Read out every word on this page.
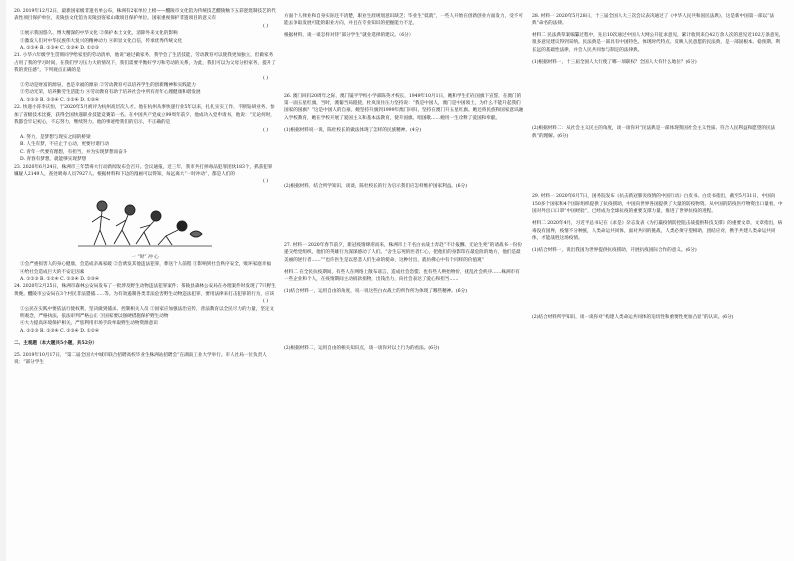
20. 2019年12月2日，最新国家级非遗名单公布，株洲有2家单位上榜——醴陵市文化馆为传统技艺醴陵釉下五彩瓷烧制技艺的代表性项目保护单位，炎陵县文化馆为炎陵县客家山歌项目保护单位。国家重视保护非遗项目的意义有

( )

①展示我国悠久、博大精深的中华文化 ②保护本土文化，消除外来文化的影响

③激发人们对中华民族伟大复兴的精神动力 ④彰显文化自信，传承优秀传统文化

A. ①②④ B. ①③④ C. ②③④ D. ①②③

21. 小华六年级学生贯彻同学给家里的劳动清单，他说“通过做家务，我学会了生活技能，劳动教育可以使我更加独立，但做家务占用了我的学习时间，在我们学习压力大的情况下，我们需要平衡好学习和劳动的关系，为此，我们可以为父母分担家务，提升了我的责任感”。下列观点正确的是

( )

①劳动是财富的源泉，也是幸福的源泉 ②劳动教育可以培养学生的创新精神和实践能力

③劳动光荣，培养勤劳生活能力 ④劳动教育有助于培养社会中所有青年心理健康和谐发展

A. ①②③ B. ②③④ C. ①②④ D. ①③④

22. 快递小哥李庆恒，于2020年5月被评为杭州高层次人才。他在杭州从事快递行业5年以来，扎扎实实工作，不断钻研业务，参加了省级技术比赛，获得全国快递职业技能竞赛第一名。在中国共产党成立99周年前夕，他成功入党申请书，他说：“无论何时，我都会牢记初心，不忘努力，继续努力。他的事迹给我们的启示，不正确的是

( )

A. 努力，是梦想与现实之间的桥梁

B. 人生有梦，不应止于心动，更要付诸行动

C. 青年一代要有理想，有担当，并为实现梦想而奋斗

D. 青春有梦想，就能够实现梦想

23. 2020年6月24日，株洲市三年禁毒大行动新闻发布会召开。会议通报，近三年，我市共打掉毒品犯罪团伙183个，抓获犯罪嫌疑人2149人，查处吸毒人员7927人。根据材料和下边的漫画可以得知，每远离大“一时冲动”，都是人们的

( )

一 “时” 冲 心

①会严重损害人的身心健康，会造成亲离家破 ②会诱发其他违法犯罪，葬送个人前程 ③影响到社会秩序安全，败坏家庭幸福 ④给社会造成巨大的不安定因素

A. ①②③ B. ①②④ C. ①③④ D. ②③④

24. 2020年2月25日，株洲市森林公安局发布了一批涉及野生动物违法犯罪案件；茶陵县森林公安局在办理案件时发现了7只野生黄麂。醴陵市公安局在3个村民非法猎捕……等。为有效遏制各类非法危害野生动物违法犯罪，要用法律来打击犯罪的行为，应该

( )

①公民在实践中要依法行使权利，坚决做到捕杀、控制相关人员 ②国家应加强法治宣传，普法教育以全民尽力的力量，坚定文明观念，严格执法，依法审判严格公正 ③国家要以强硬措施保护野生动物

④大力提高环境保护相关，严惩利用市场手段牟取野生动物资源意识

A. ①②③ B. ①③④ C. ②③④ D. ①②④

二、主观题（本大题共5小题，共52分）

25. 2019年10月17日，“第二届全国大中城市联合招聘高校毕业生株洲站招聘会”在湖南工业大学举行。市人社局一位负责人说：“部分学生

方面个人择业和自身实际还不清楚，职业生涯规划意识缺乏；毕业生“低就”，一些人开始在创新创业方面发力，受不可能去争取发展可能的职业方向，并且在专业知识的把握能力不足。

根据材料，谈一谈怎样对待“部分学生”就业选择的建议。（6分）

26. 澳门回归20周年之际，澳门镜平学校小学部陈英才校长，1949年10月1日，她和学生们在国旗下宣誓，在澳门的第一面五星红旗，当时，澳葡当局阻挠，杜岚顶住压力坚持说：“我是中国人，澳门是中国领土，为什么不能升起我们国家的国旗？”这是中国人的自豪。她坚持升旗到1999年澳门回归，坚持在澳门升五星红旗。她还将民族和国家意识融入学校教育，她在学校开展了爱国主义和基本法教育，使升国旗、唱国歌……她用一生诠释了爱国和奉献。

(1)根据材料说一说，陈杜校长的做法体现了怎样的民族精神。(4分)

(2)根据材料，结合所学知识，谈谈，陈杜校长的行为启示我们应怎样维护国家利益。(6分)

27. 材料一 2020年春节前夕，新冠疫情肆虐而来，株洲市上千名白衣战士奔赴“不计报酬、无论生死”的请战书一份份递交给党组织，他们的英雄行为深深感动了人们。“舍生忘死的医者仁心，把他们的身影印在最危险的地方，他们是最美丽的逆行者……”“也许医生是以慈悲人们生命的使命，这种付出，就仿佛心中有个同样的价值观”

材料二 在全民抗疫期间，有些人在网络上散布谣言，造成社会恐慌；也有些人哄抬物价，扰乱社会秩序……株洲市有一些企业和个人，在疫情期间主动捐款捐物，出钱出力，向社会表达了爱心和担当……

(1)结合材料一，运用自由的角度，说一说这些白衣战士的所作所为体现了哪些精神。(6分)

(2)根据材料二，运用自由的相关知识点，谈一谈你对以上行为的看法。(6分)

28. 材料一 2020年5月28日，十三届全国人大三次会议表决通过了《中华人民共和国民法典》，这是新中国第一部以“法典”命名的法律。

材料二 民法典草案编纂过程中，先后10次通过中国人大网公开征求意见，累计收到来自42万余人次的意见近102万条意见，很多意见建议得到采纳。民法典是一部具有中国特色、体现时代特点、反映人民意愿的民法典，是一部固根本、稳预期、利长远的基础性法律，并会人民共同参与制定的法律典。

(1)根据材料一，十三届全国人大行使了哪一项职权？全国人大有什么地位？(6分)

(2)根据材料二：从社会主义民主的角度，谈一谈你对“民法典是一部体现我国社会主义性质、符合人民利益和愿望的民法典”的理解。(6分)

29. 材料一 2020年6月7日，国务院发布《抗击新冠肺炎疫情的中国行动》白皮书。白皮书指出，截至5月31日，中国向150多个国家和4个国际组织提供了抗疫援助，中国向世界各国提供了大量的防疫物资。从中国的防疫医疗物资出口量看，中国对外出口口罩“中国经验”，已经成为全球抗疫的重要支撑力量，推进了世界抗疫的进程。

材料二 2020年4月，习近平总书记在《求是》杂志发表《为打赢疫情防控阻击战提供科技支撑》的重要文章，文章指出，病毒没有国界，疫情不分种族，人类命运共同体，面对共同的挑战，人类必须守望相助，团结应对，携手共建人类命运共同体，才能战胜这场疫情。

(1)结合材料一，说出我国为世界提供抗疫援助，开展抗疫国际合作的意义。(6分)

(2)结合材料所学知识，谈一谈你对“构建人类命运共同体的迫切性和重要性更加凸显”的认识。(6分)
